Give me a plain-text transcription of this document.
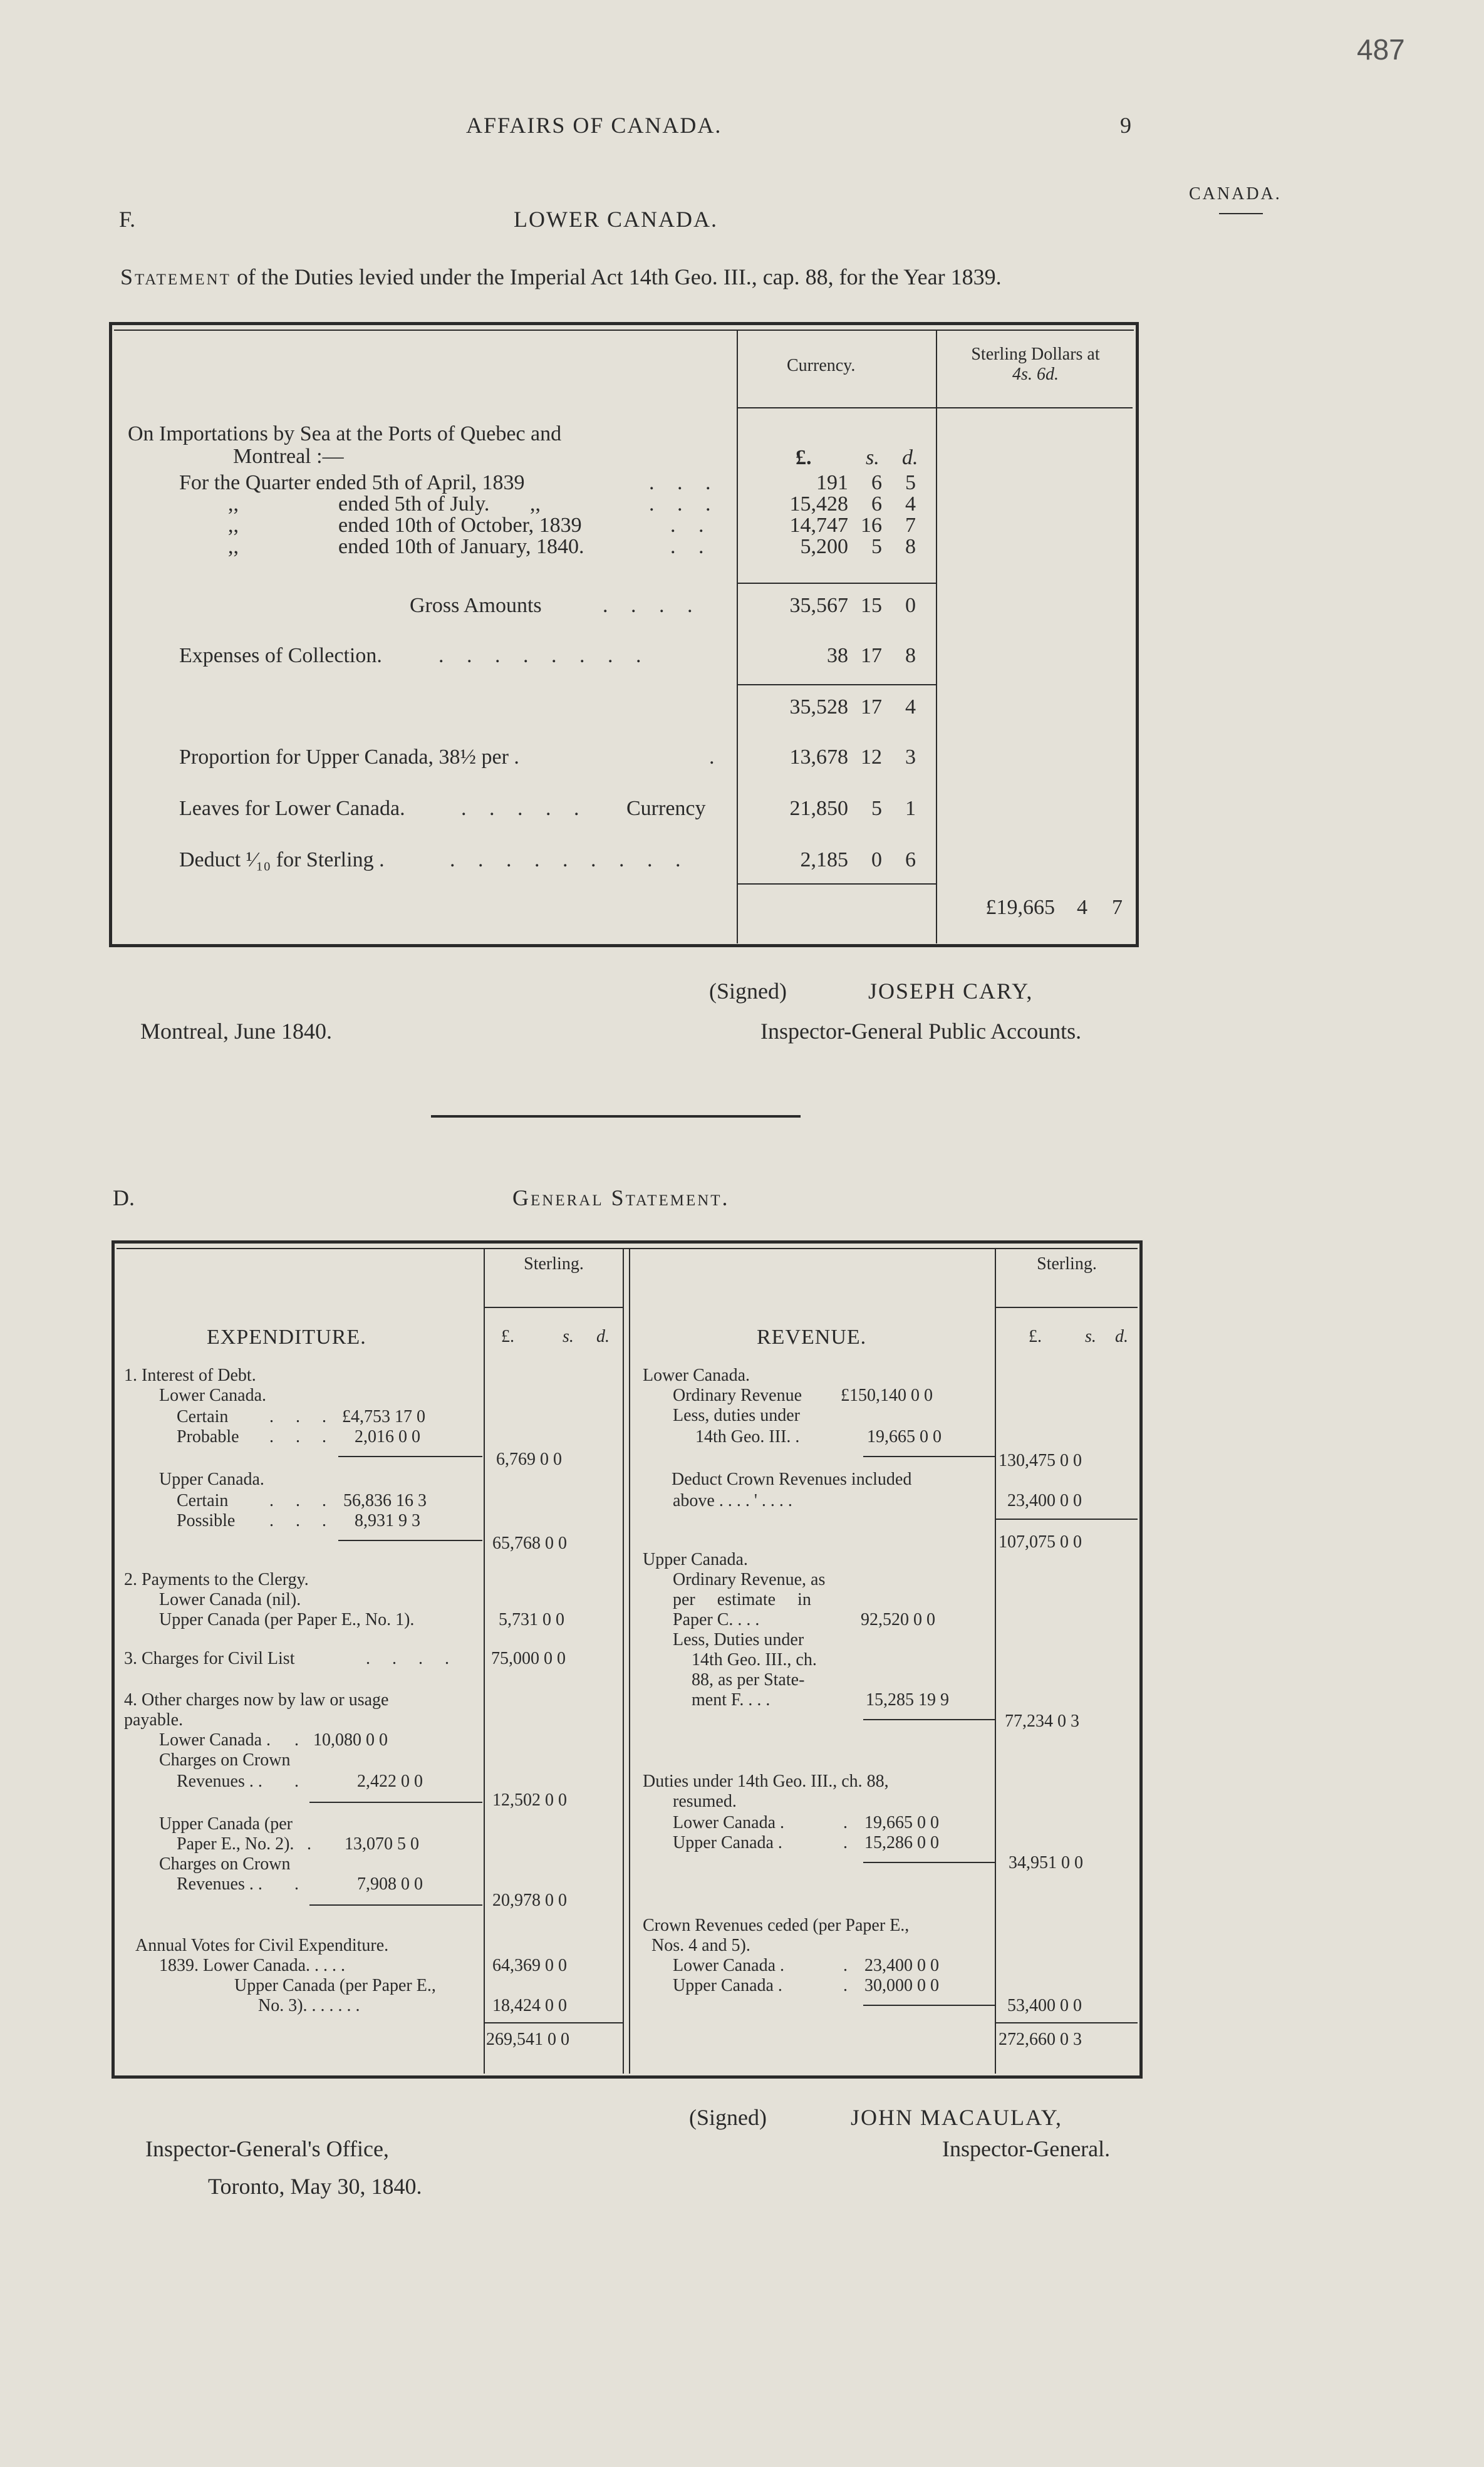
487
AFFAIRS OF CANADA.	9
CANADA.
F.	LOWER CANADA.
Statement of the Duties levied under the Imperial Act 14th Geo. III., cap. 88, for the Year 1839.
Currency.
Sterling Dollars at
4s. 6d.
On Importations by Sea at the Ports of Quebec and
Montreal :—	£.	s. d.
For the Quarter ended 5th of April, 1839	. . .	191	6	5
,,	ended 5th of July. ,,	. . .	15,428	6	4
,,	ended 10th of October, 1839	. .	14,747 16	7
,,	ended 10th of January, 1840.	. .	5,200	5	8
Gross Amounts	. . . .	35,567 15	0
Expenses of Collection.	. . . . . . . .	38 17	8
35,528 17	4
Proportion for Upper Canada, 38½ per .	.	13,678 12	3
Leaves for Lower Canada.	. . . . . Currency	21,850	5	1
Deduct ¹⁄₁₀ for Sterling .	. . . . . . . . .	2,185	0	6
£19,665	4	7
(Signed)	JOSEPH CARY,
Montreal, June 1840.	Inspector-General Public Accounts.
D.	General Statement.
Sterling.	Sterling.
EXPENDITURE.	REVENUE.
£.	s. d.	£. s. d.
1. Interest of Debt.
Lower Canada.
Certain . . . £4,753 17 0
Probable . . . 2,016 0 0
6,769 0 0
Upper Canada.
Certain . . . 56,836 16 3
Possible . . . 8,931 9 3
65,768 0 0
2. Payments to the Clergy.
Lower Canada (nil).
Upper Canada (per Paper E., No. 1).	5,731 0 0
3. Charges for Civil List	. . . . 75,000 0 0
4. Other charges now by law or usage
payable.
Lower Canada . . 10,080 0 0
Charges on Crown
Revenues . . .	2,422 0 0
12,502 0 0
Upper Canada (per
Paper E., No. 2). . 13,070 5 0
Charges on Crown
Revenues . . .	7,908 0 0
20,978 0 0
Annual Votes for Civil Expenditure.
1839. Lower Canada. . . . .	64,369 0 0
Upper Canada (per Paper E.,
No. 3). . . . . . .	18,424 0 0
269,541 0 0
Lower Canada.
Ordinary Revenue £150,140 0 0
Less, duties under
14th Geo. III. .	19,665 0 0
130,475 0 0
Deduct Crown Revenues included
above . . . . ' . . . .	23,400 0 0
107,075 0 0
Upper Canada.
Ordinary Revenue, as
per estimate in
Paper C. . . .	92,520 0 0
Less, Duties under
14th Geo. III., ch.
88, as per State-
ment F. . . .	15,285 19 9
77,234 0 3
Duties under 14th Geo. III., ch. 88,
resumed.
Lower Canada .	. 19,665 0 0
Upper Canada .	. 15,286 0 0
34,951 0 0
Crown Revenues ceded (per Paper E.,
Nos. 4 and 5).
Lower Canada .	. 23,400 0 0
Upper Canada .	. 30,000 0 0
53,400 0 0
272,660 0 3
(Signed)	JOHN MACAULAY,
Inspector-General's Office,	Inspector-General.
Toronto, May 30, 1840.
